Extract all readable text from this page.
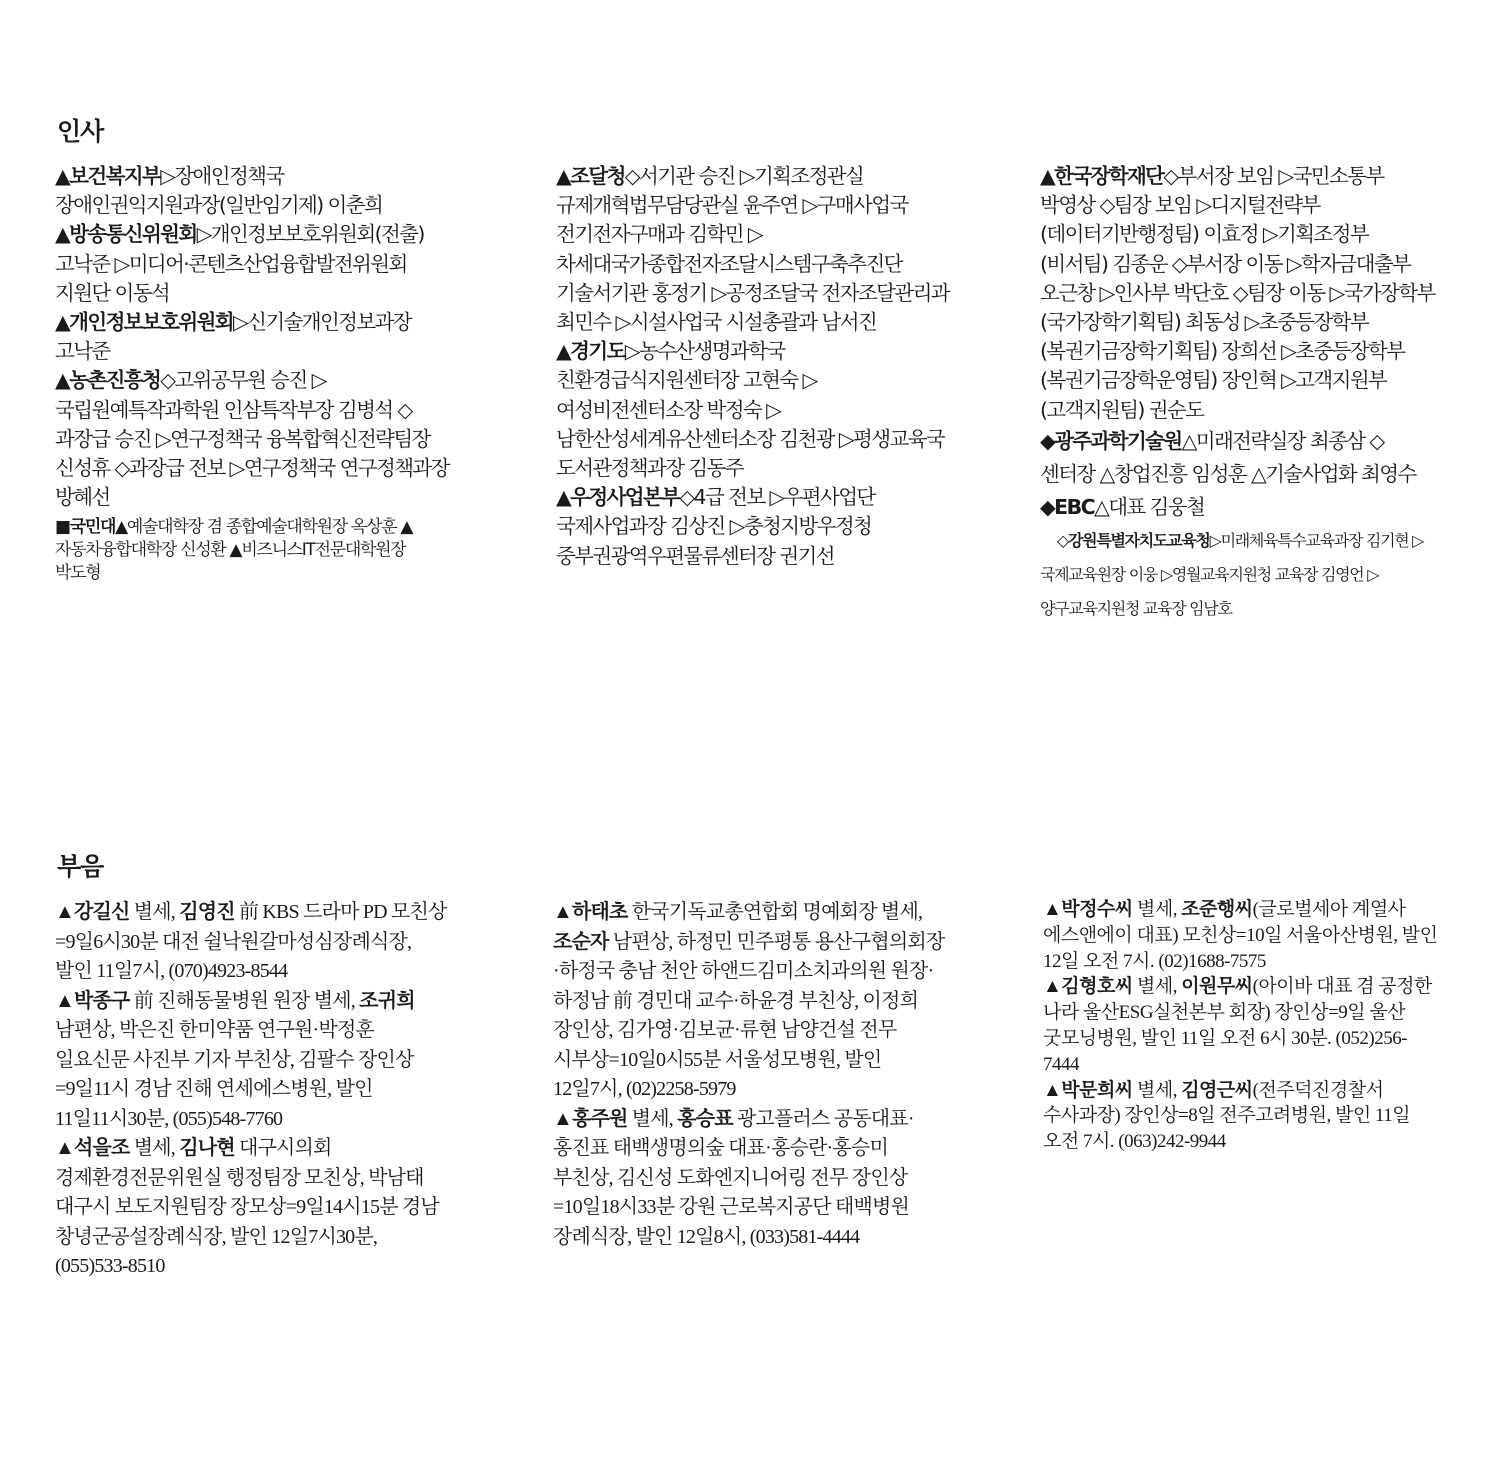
인사

▲보건복지부▷장애인정책국 장애인권익지원과장(일반임기제) 이춘희

▲방송통신위원회▷개인정보보호위원회(전출) 고낙준 ▷미디어·콘텐츠산업융합발전위원회 지원단 이동석

▲개인정보보호위원회▷신기술개인정보과장 고낙준

▲농촌진흥청◇고위공무원 승진 ▷국립원예특작과학원 인삼특작부장 김병석 ◇과장급 승진 ▷연구정책국 융복합혁신전략팀장 신성휴 ◇과장급 전보 ▷연구정책국 연구정책과장 방혜선

■국민대▲예술대학장 겸 종합예술대학원장 옥상훈 ▲자동차융합대학장 신성환 ▲비즈니스IT전문대학원장 박도형

▲조달청◇서기관 승진 ▷기획조정관실 규제개혁법무담당관실 윤주연 ▷구매사업국 전기전자구매과 김학민 ▷차세대국가종합전자조달시스템구축추진단 기술서기관 홍정기 ▷공정조달국 전자조달관리과 최민수 ▷시설사업국 시설총괄과 남서진

▲경기도▷농수산생명과학국 친환경급식지원센터장 고현숙 ▷여성비전센터소장 박정숙 ▷남한산성세계유산센터소장 김천광 ▷평생교육국 도서관정책과장 김동주

▲우정사업본부◇4급 전보 ▷우편사업단 국제사업과장 김상진 ▷충청지방우정청 중부권광역우편물류센터장 권기선

▲한국장학재단◇부서장 보임 ▷국민소통부 박영상 ◇팀장 보임 ▷디지털전략부(데이터기반행정팀) 이효정 ▷기획조정부(비서팀) 김종운 ◇부서장 이동 ▷학자금대출부 오근창 ▷인사부 박단호 ◇팀장 이동 ▷국가장학부(국가장학기획팀) 최동성 ▷초중등장학부(복권기금장학기획팀) 장희선 ▷초중등장학부(복권기금장학운영팀) 장인혁 ▷고객지원부(고객지원팀) 권순도

◆광주과학기술원△미래전략실장 최종삼 ◇센터장 △창업진흥 임성훈 △기술사업화 최영수

◆EBC△대표 김웅철

◇강원특별자치도교육청▷미래체육특수교육과장 김기현 ▷국제교육원장 이웅 ▷영월교육지원청 교육장 김영언 ▷양구교육지원청 교육장 임남호

부음

▲강길신 별세, 김영진 前 KBS 드라마 PD 모친상=9일6시30분 대전 쉴낙원갈마성심장례식장, 발인 11일7시, (070)4923-8544

▲박종구 前 진해동물병원 원장 별세, 조귀희 남편상, 박은진 한미약품 연구원·박정훈 일요신문 사진부 기자 부친상, 김팔수 장인상=9일11시 경남 진해 연세에스병원, 발인 11일11시30분, (055)548-7760

▲석을조 별세, 김나현 대구시의회 경제환경전문위원실 행정팀장 모친상, 박남태 대구시 보도지원팀장 장모상=9일14시15분 경남 창녕군공설장례식장, 발인 12일7시30분, (055)533-8510

▲하태초 한국기독교총연합회 명예회장 별세, 조순자 남편상, 하정민 민주평통 용산구협의회장·하정국 충남 천안 하앤드김미소치과의원 원장·하정남 前 경민대 교수·하윤경 부친상, 이정희 장인상, 김가영·김보균·류현 남양건설 전무 시부상=10일0시55분 서울성모병원, 발인 12일7시, (02)2258-5979

▲홍주원 별세, 홍승표 광고플러스 공동대표·홍진표 태백생명의숲 대표·홍승란·홍승미 부친상, 김신성 도화엔지니어링 전무 장인상=10일18시33분 강원 근로복지공단 태백병원 장례식장, 발인 12일8시, (033)581-4444

▲박정수씨 별세, 조준행씨(글로벌세아 계열사 에스앤에이 대표) 모친상=10일 서울아산병원, 발인 12일 오전 7시. (02)1688-7575

▲김형호씨 별세, 이원무씨(아이바 대표 겸 공정한 나라 울산ESG실천본부 회장) 장인상=9일 울산 굿모닝병원, 발인 11일 오전 6시 30분. (052)256-7444

▲박문희씨 별세, 김영근씨(전주덕진경찰서 수사과장) 장인상=8일 전주고려병원, 발인 11일 오전 7시. (063)242-9944
